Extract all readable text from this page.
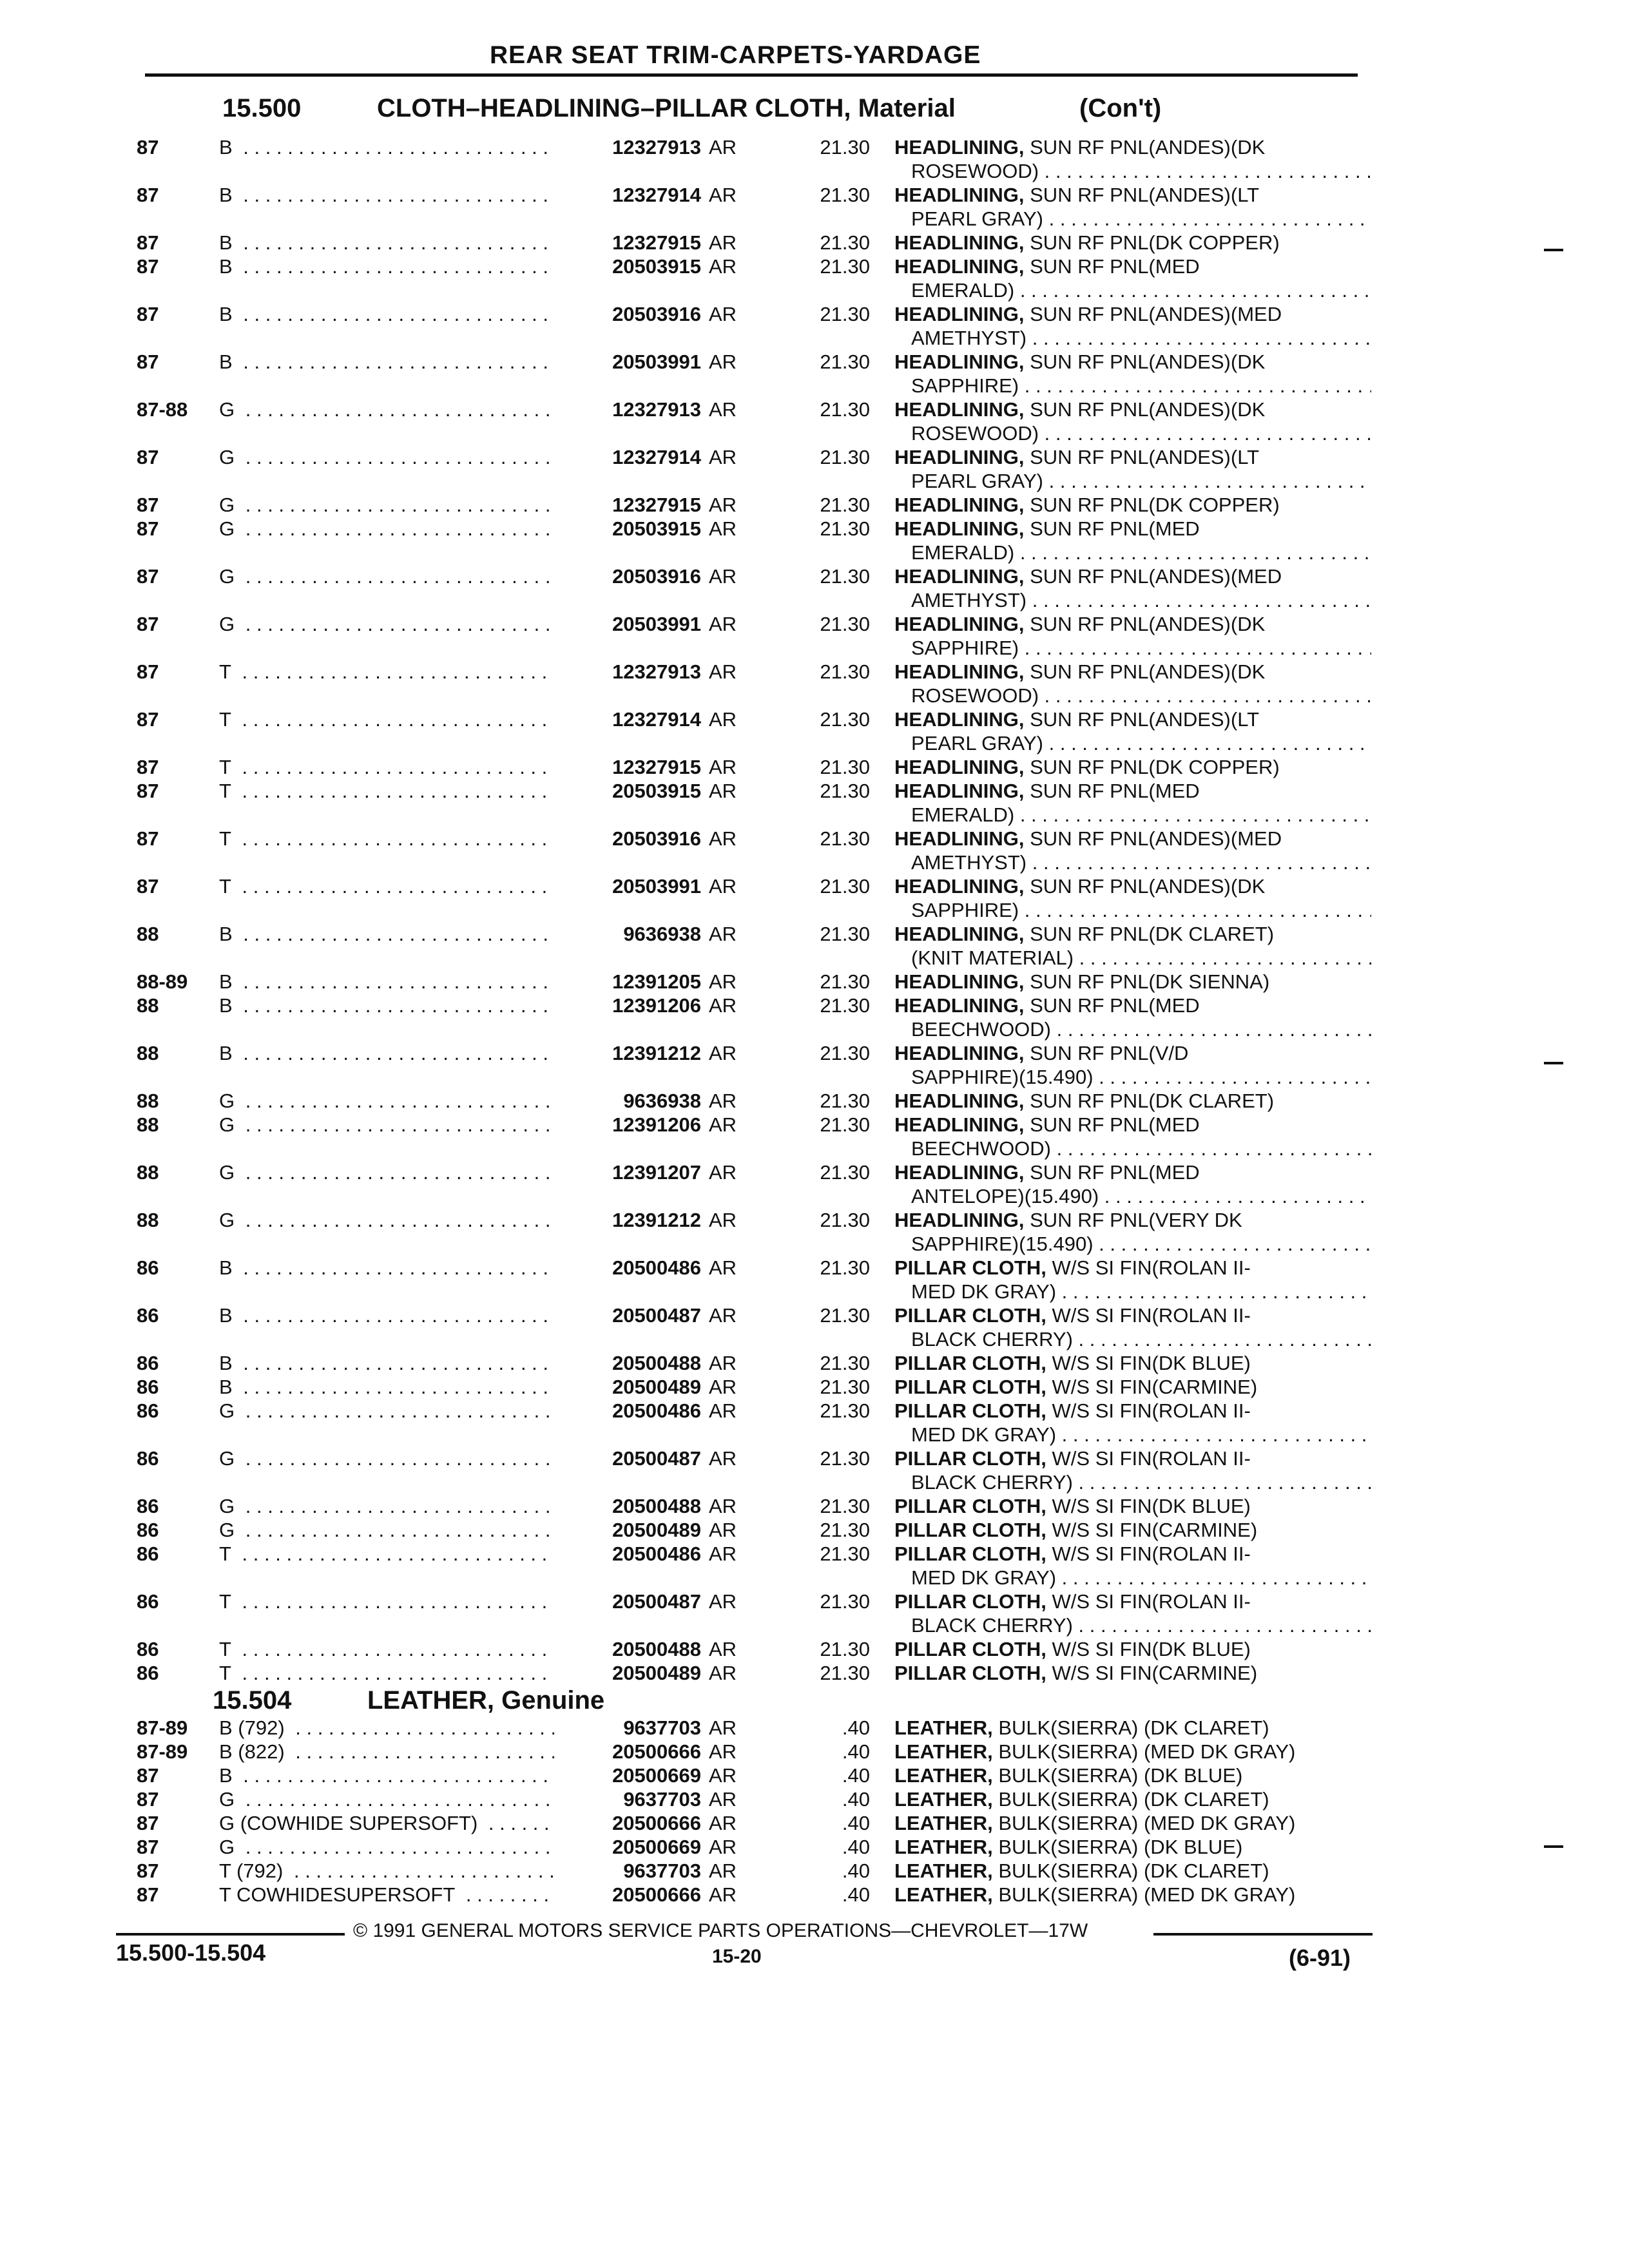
REAR SEAT TRIM-CARPETS-YARDAGE
15.500	CLOTH–HEADLINING–PILLAR CLOTH, Material	(Con't)
87	B . . .	12327913 AR	21.30 HEADLINING, SUN RF PNL(ANDES)(DK
ROSEWOOD) . . .
87	B . . .	12327914 AR	21.30 HEADLINING, SUN RF PNL(ANDES)(LT
PEARL GRAY) . . .
87	B . . .	12327915 AR	21.30 HEADLINING, SUN RF PNL(DK COPPER)
87	B . . .	20503915 AR	21.30 HEADLINING, SUN RF PNL(MED
EMERALD) . . .
87	B . . .	20503916 AR	21.30 HEADLINING, SUN RF PNL(ANDES)(MED
AMETHYST) . . .
87	B . . .	20503991 AR	21.30 HEADLINING, SUN RF PNL(ANDES)(DK
SAPPHIRE) . . .
87-88	G . . .	12327913 AR	21.30 HEADLINING, SUN RF PNL(ANDES)(DK
ROSEWOOD) . . .
87	G . . .	12327914 AR	21.30 HEADLINING, SUN RF PNL(ANDES)(LT
PEARL GRAY) . . .
87	G . . .	12327915 AR	21.30 HEADLINING, SUN RF PNL(DK COPPER)
87	G . . .	20503915 AR	21.30 HEADLINING, SUN RF PNL(MED
EMERALD) . . .
87	G . . .	20503916 AR	21.30 HEADLINING, SUN RF PNL(ANDES)(MED
AMETHYST) . . .
87	G . . .	20503991 AR	21.30 HEADLINING, SUN RF PNL(ANDES)(DK
SAPPHIRE) . . .
87	T . . .	12327913 AR	21.30 HEADLINING, SUN RF PNL(ANDES)(DK
ROSEWOOD) . . .
87	T . . .	12327914 AR	21.30 HEADLINING, SUN RF PNL(ANDES)(LT
PEARL GRAY) . . .
87	T . . .	12327915 AR	21.30 HEADLINING, SUN RF PNL(DK COPPER)
87	T . . .	20503915 AR	21.30 HEADLINING, SUN RF PNL(MED
EMERALD) . . .
87	T . . .	20503916 AR	21.30 HEADLINING, SUN RF PNL(ANDES)(MED
AMETHYST) . . .
87	T . . .	20503991 AR	21.30 HEADLINING, SUN RF PNL(ANDES)(DK
SAPPHIRE) . . .
88	B . . .	9636938 AR	21.30 HEADLINING, SUN RF PNL(DK CLARET)
(KNIT MATERIAL) . . .
88-89	B . . .	12391205 AR	21.30 HEADLINING, SUN RF PNL(DK SIENNA)
88	B . . .	12391206 AR	21.30 HEADLINING, SUN RF PNL(MED
BEECHWOOD) . . .
88	B . . .	12391212 AR	21.30 HEADLINING, SUN RF PNL(V/D
SAPPHIRE)(15.490) . . .
88	G . . .	9636938 AR	21.30 HEADLINING, SUN RF PNL(DK CLARET)
88	G . . .	12391206 AR	21.30 HEADLINING, SUN RF PNL(MED
BEECHWOOD) . . .
88	G . . .	12391207 AR	21.30 HEADLINING, SUN RF PNL(MED
ANTELOPE)(15.490) . . .
88	G . . .	12391212 AR	21.30 HEADLINING, SUN RF PNL(VERY DK
SAPPHIRE)(15.490) . . .
86	B . . .	20500486 AR	21.30 PILLAR CLOTH, W/S SI FIN(ROLAN II-
MED DK GRAY) . . .
86	B . . .	20500487 AR	21.30 PILLAR CLOTH, W/S SI FIN(ROLAN II-
BLACK CHERRY) . . .
86	B . . .	20500488 AR	21.30 PILLAR CLOTH, W/S SI FIN(DK BLUE)
86	B . . .	20500489 AR	21.30 PILLAR CLOTH, W/S SI FIN(CARMINE)
86	G . . .	20500486 AR	21.30 PILLAR CLOTH, W/S SI FIN(ROLAN II-
MED DK GRAY) . . .
86	G . . .	20500487 AR	21.30 PILLAR CLOTH, W/S SI FIN(ROLAN II-
BLACK CHERRY) . . .
86	G . . .	20500488 AR	21.30 PILLAR CLOTH, W/S SI FIN(DK BLUE)
86	G . . .	20500489 AR	21.30 PILLAR CLOTH, W/S SI FIN(CARMINE)
86	T . . .	20500486 AR	21.30 PILLAR CLOTH, W/S SI FIN(ROLAN II-
MED DK GRAY) . . .
86	T . . .	20500487 AR	21.30 PILLAR CLOTH, W/S SI FIN(ROLAN II-
BLACK CHERRY) . . .
86	T . . .	20500488 AR	21.30 PILLAR CLOTH, W/S SI FIN(DK BLUE)
86	T . . .	20500489 AR	21.30 PILLAR CLOTH, W/S SI FIN(CARMINE)
15.504	LEATHER, Genuine
87-89	B (792) . . .	9637703 AR	.40 LEATHER, BULK(SIERRA) (DK CLARET)
87-89	B (822) . . .	20500666 AR	.40 LEATHER, BULK(SIERRA) (MED DK GRAY)
87	B . . .	20500669 AR	.40 LEATHER, BULK(SIERRA) (DK BLUE)
87	G . . .	9637703 AR	.40 LEATHER, BULK(SIERRA) (DK CLARET)
87	G (COWHIDE SUPERSOFT) . . .	20500666 AR	.40 LEATHER, BULK(SIERRA) (MED DK GRAY)
87	G . . .	20500669 AR	.40 LEATHER, BULK(SIERRA) (DK BLUE)
87	T (792) . . .	9637703 AR	.40 LEATHER, BULK(SIERRA) (DK CLARET)
87	T COWHIDESUPERSOFT . . .	20500666 AR	.40 LEATHER, BULK(SIERRA) (MED DK GRAY)
© 1991 GENERAL MOTORS SERVICE PARTS OPERATIONS—CHEVROLET—17W
15.500-15.504	15-20	(6-91)
